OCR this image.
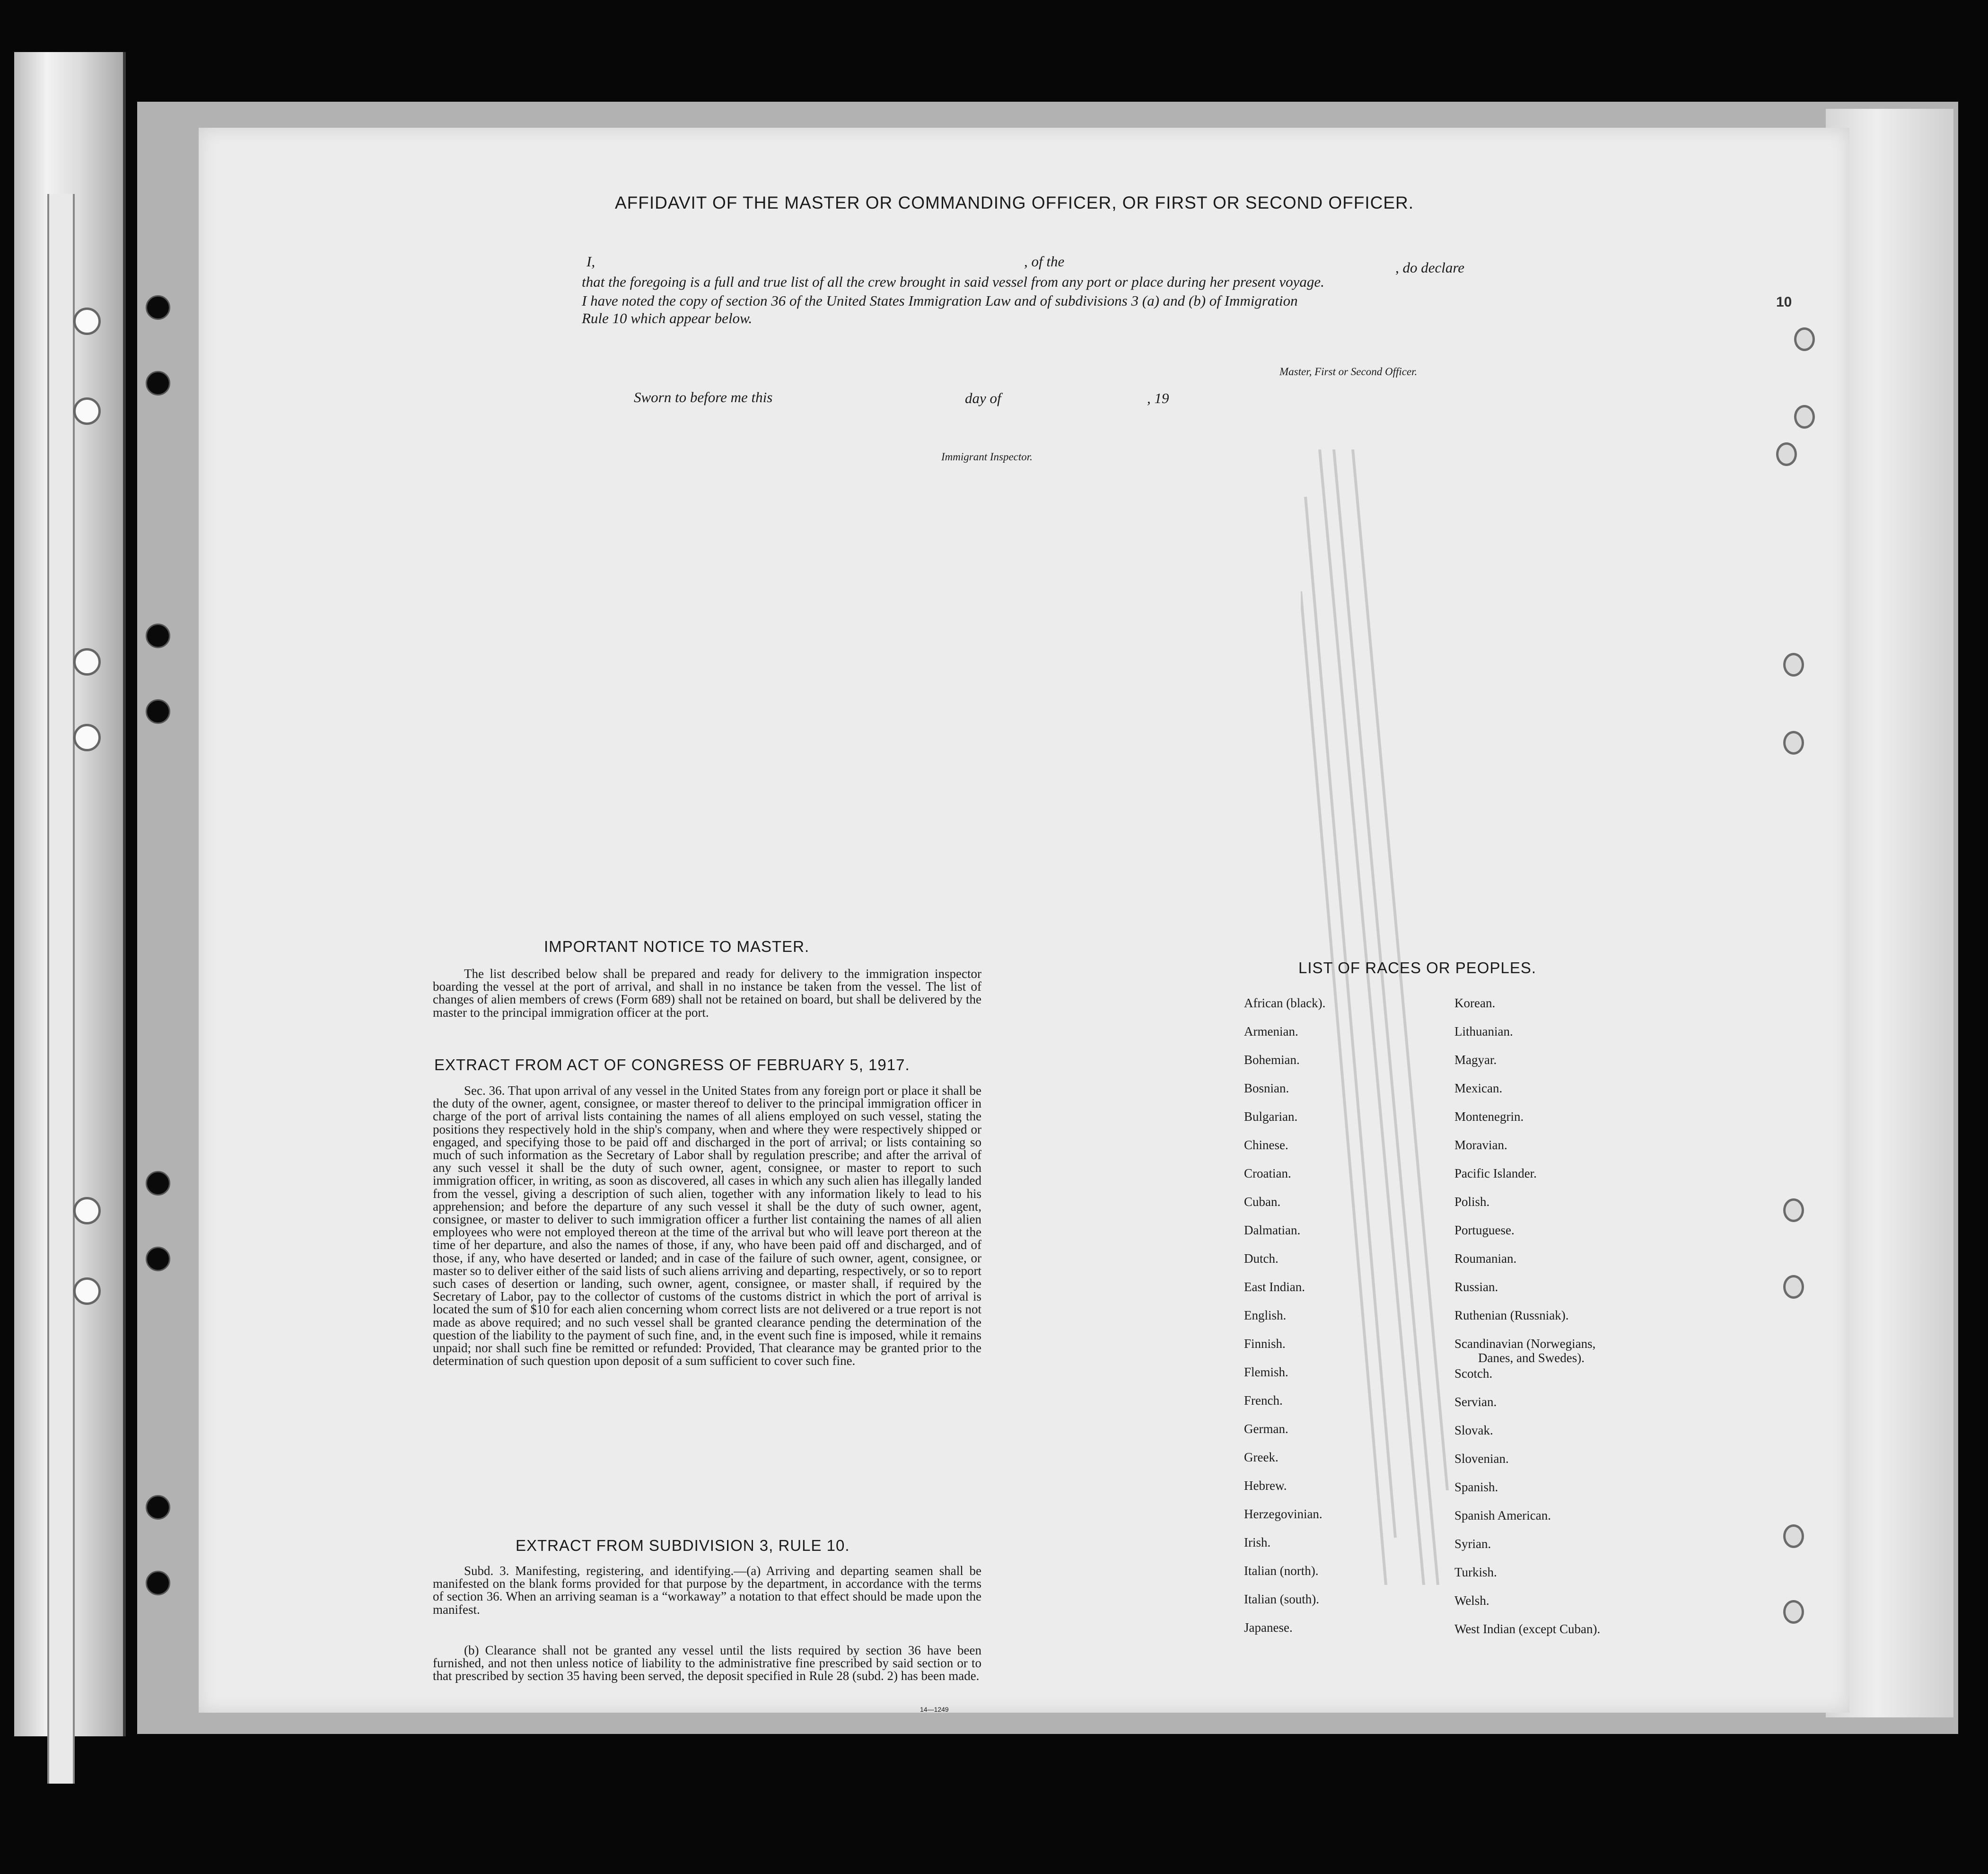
AFFIDAVIT OF THE MASTER OR COMMANDING OFFICER, OR FIRST OR SECOND OFFICER.
I,	, of the	, do declare
that the foregoing is a full and true list of all the crew brought in said vessel from any port or place during her present voyage.
I have noted the copy of section 36 of the United States Immigration Law and of subdivisions 3 (a) and (b) of Immigration
Rule 10 which appear below.
Master, First or Second Officer.
Sworn to before me this	day of	, 19
Immigrant Inspector.
IMPORTANT NOTICE TO MASTER.

The list described below shall be prepared and ready for delivery to the immigration inspector boarding the vessel at the port of arrival, and shall in no instance be taken from the vessel. The list of changes of alien members of crews (Form 689) shall not be retained on board, but shall be delivered by the master to the principal immigration officer at the port.

EXTRACT FROM ACT OF CONGRESS OF FEBRUARY 5, 1917.

Sec. 36. That upon arrival of any vessel in the United States from any foreign port or place it shall be the duty of the owner, agent, consignee, or master thereof to deliver to the principal immigration officer in charge of the port of arrival lists containing the names of all aliens employed on such vessel, stating the positions they respectively hold in the ship's company, when and where they were respectively shipped or engaged, and specifying those to be paid off and discharged in the port of arrival; or lists containing so much of such information as the Secretary of Labor shall by regulation prescribe; and after the arrival of any such vessel it shall be the duty of such owner, agent, consignee, or master to report to such immigration officer, in writing, as soon as discovered, all cases in which any such alien has illegally landed from the vessel, giving a description of such alien, together with any information likely to lead to his apprehension; and before the departure of any such vessel it shall be the duty of such owner, agent, consignee, or master to deliver to such immigration officer a further list containing the names of all alien employees who were not employed thereon at the time of the arrival but who will leave port thereon at the time of her departure, and also the names of those, if any, who have been paid off and discharged, and of those, if any, who have deserted or landed; and in case of the failure of such owner, agent, consignee, or master so to deliver either of the said lists of such aliens arriving and departing, respectively, or so to report such cases of desertion or landing, such owner, agent, consignee, or master shall, if required by the Secretary of Labor, pay to the collector of customs of the customs district in which the port of arrival is located the sum of $10 for each alien concerning whom correct lists are not delivered or a true report is not made as above required; and no such vessel shall be granted clearance pending the determination of the question of the liability to the payment of such fine, and, in the event such fine is imposed, while it remains unpaid; nor shall such fine be remitted or refunded: Provided, That clearance may be granted prior to the determination of such question upon deposit of a sum sufficient to cover such fine.

EXTRACT FROM SUBDIVISION 3, RULE 10.

Subd. 3. Manifesting, registering, and identifying.—(a) Arriving and departing seamen shall be manifested on the blank forms provided for that purpose by the department, in accordance with the terms of section 36. When an arriving seaman is a “workaway” a notation to that effect should be made upon the manifest.

(b) Clearance shall not be granted any vessel until the lists required by section 36 have been furnished, and not then unless notice of liability to the administrative fine prescribed by said section or to that prescribed by section 35 having been served, the deposit specified in Rule 28 (subd. 2) has been made.

14—1249
LIST OF RACES OR PEOPLES.
African (black).
Armenian.
Bohemian.
Bosnian.
Bulgarian.
Chinese.
Croatian.
Cuban.
Dalmatian.
Dutch.
East Indian.
English.
Finnish.
Flemish.
French.
German.
Greek.
Hebrew.
Herzegovinian.
Irish.
Italian (north).
Italian (south).
Japanese.
Korean.
Lithuanian.
Magyar.
Mexican.
Montenegrin.
Moravian.
Pacific Islander.
Polish.
Portuguese.
Roumanian.
Russian.
Ruthenian (Russniak).
Scandinavian (Norwegians,
Danes, and Swedes).
Scotch.
Servian.
Slovak.
Slovenian.
Spanish.
Spanish American.
Syrian.
Turkish.
Welsh.
West Indian (except Cuban).
10
